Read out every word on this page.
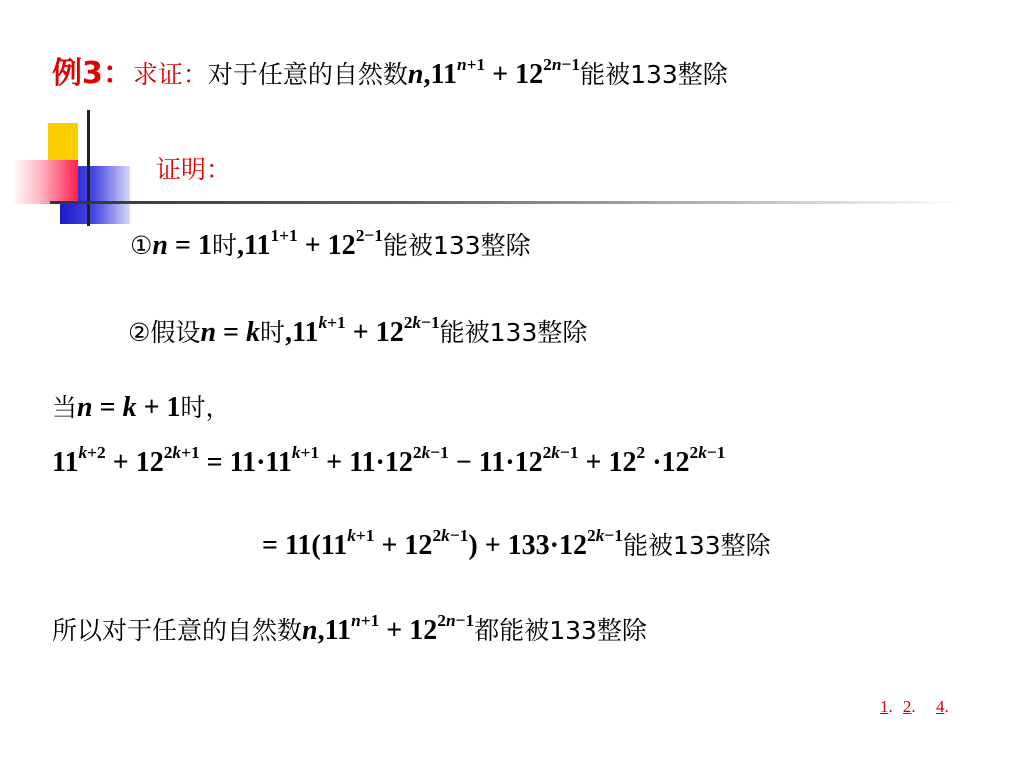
例3：求证：对于任意的自然数$n,11^{n+1} + 12^{2n-1}$能被133整除
证明：
①n = 1时$,11^{1+1} + 12^{2-1}$能被133整除
②假设n = k时$,11^{k+1} + 12^{2k-1}$能被133整除
当n = k + 1时，
$11^{k+2} + 12^{2k+1} = 11\cdot 11^{k+1} + 11\cdot 12^{2k-1} - 11\cdot 12^{2k-1} + 12^2 \cdot 12^{2k-1}$
= $11(11^{k+1} + 12^{2k-1}) + 133\cdot 12^{2k-1}$能被133整除
所以对于任意的自然数$n,11^{n+1} + 12^{2n-1}$都能被133整除
1. 2. 4.
